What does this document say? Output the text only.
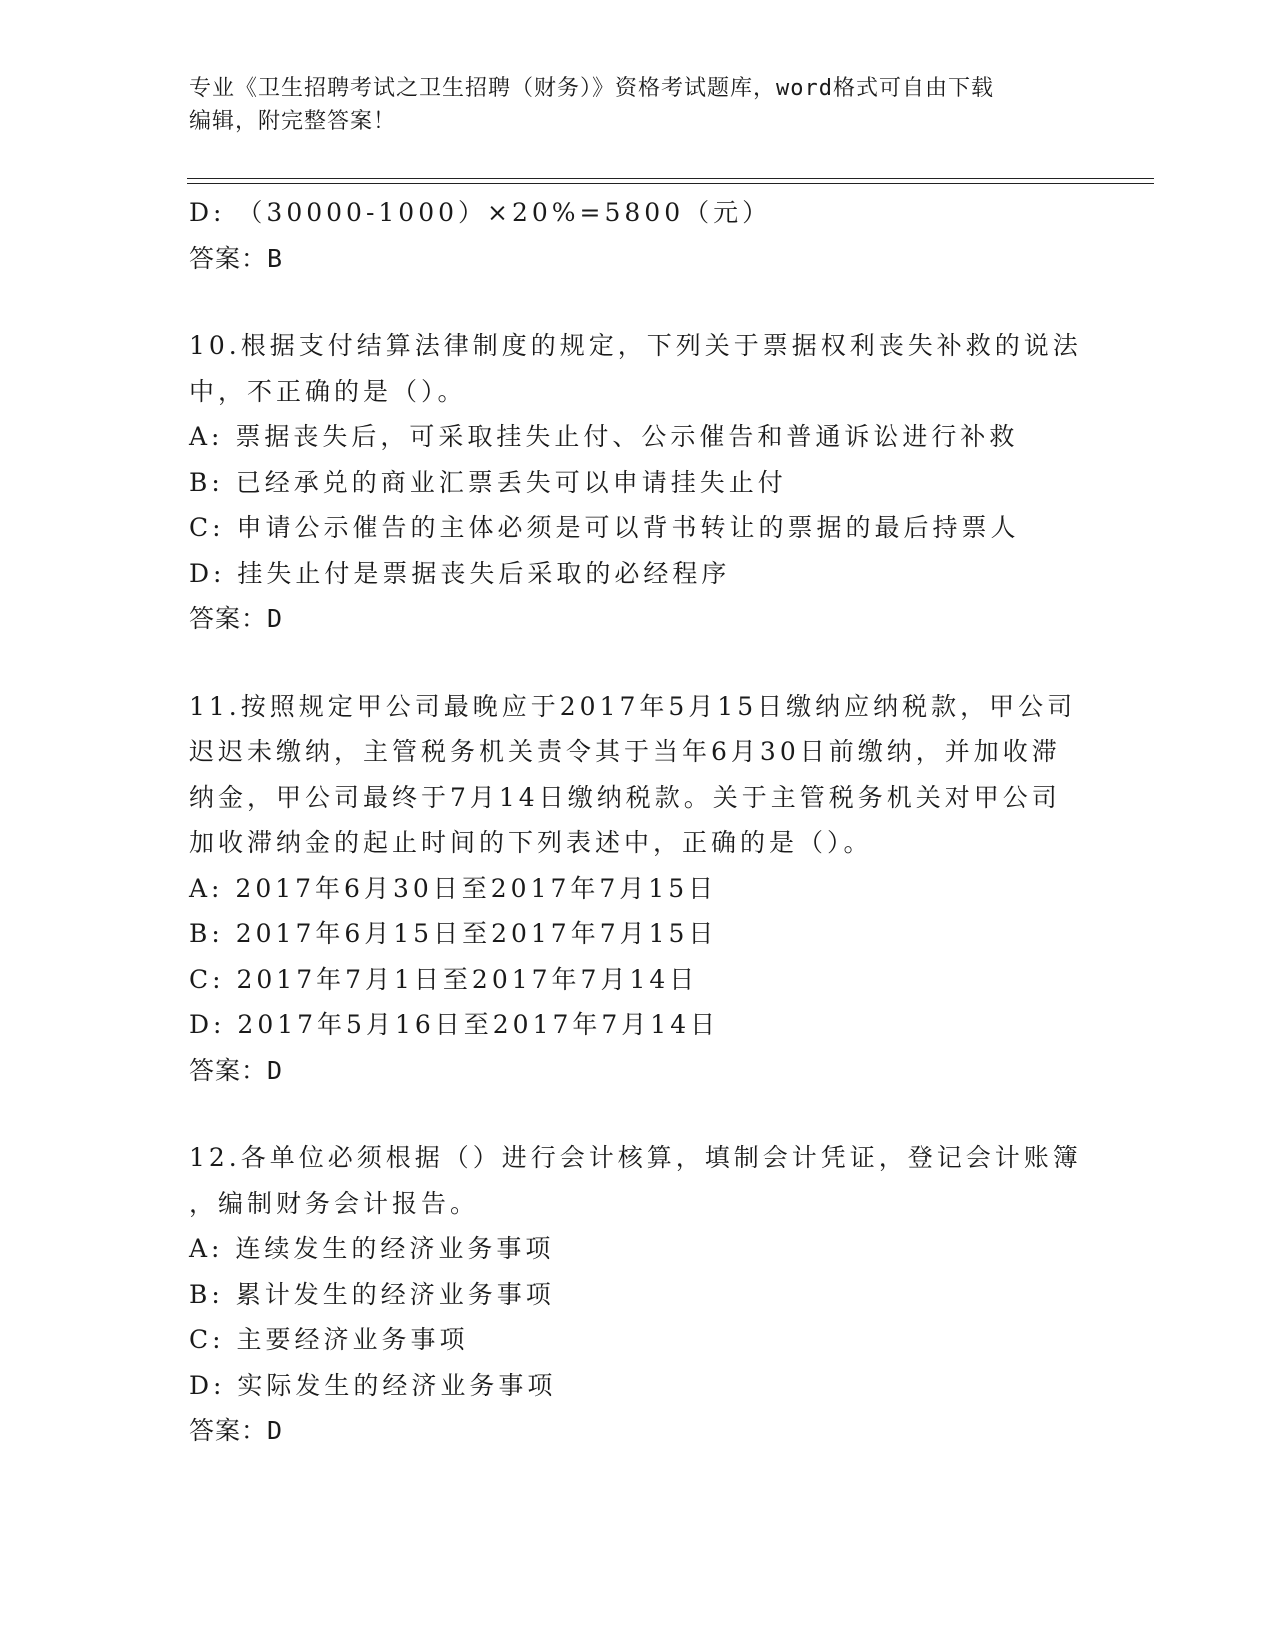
专业《卫生招聘考试之卫生招聘（财务）》资格考试题库，word格式可自由下载
编辑，附完整答案！
D: （30000-1000）×20%=5800（元）
答案：B
10.根据支付结算法律制度的规定，下列关于票据权利丧失补救的说法
中，不正确的是（）。
A: 票据丧失后，可采取挂失止付、公示催告和普通诉讼进行补救
B: 已经承兑的商业汇票丢失可以申请挂失止付
C: 申请公示催告的主体必须是可以背书转让的票据的最后持票人
D: 挂失止付是票据丧失后采取的必经程序
答案：D
11.按照规定甲公司最晚应于2017年5月15日缴纳应纳税款，甲公司
迟迟未缴纳，主管税务机关责令其于当年6月30日前缴纳，并加收滞
纳金，甲公司最终于7月14日缴纳税款。关于主管税务机关对甲公司
加收滞纳金的起止时间的下列表述中，正确的是（）。
A: 2017年6月30日至2017年7月15日
B: 2017年6月15日至2017年7月15日
C: 2017年7月1日至2017年7月14日
D: 2017年5月16日至2017年7月14日
答案：D
12.各单位必须根据（）进行会计核算，填制会计凭证，登记会计账簿
，编制财务会计报告。
A: 连续发生的经济业务事项
B: 累计发生的经济业务事项
C: 主要经济业务事项
D: 实际发生的经济业务事项
答案：D
